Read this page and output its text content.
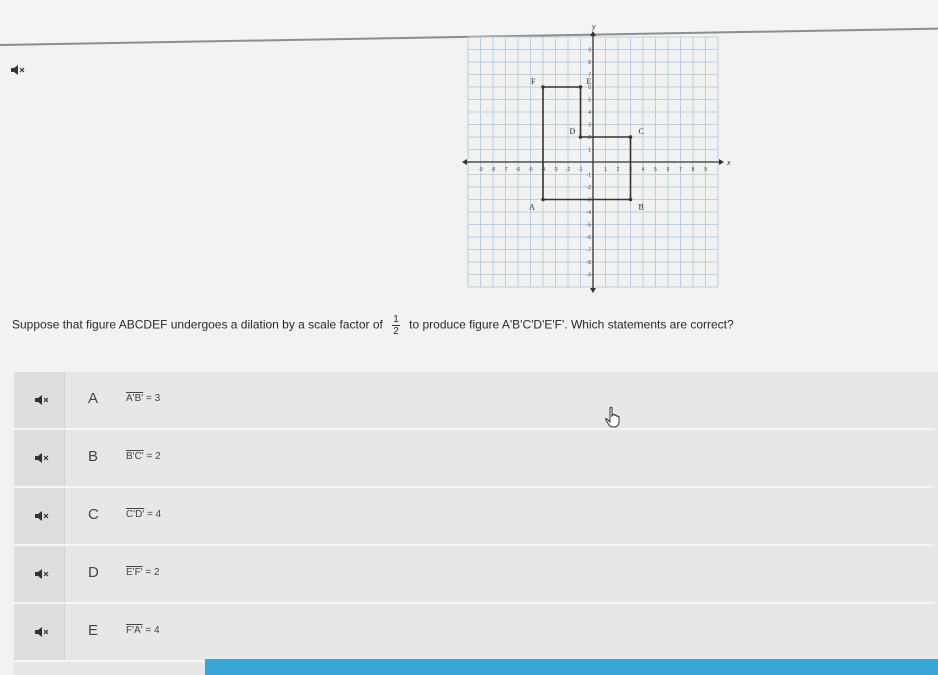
x
y
-9 -8 -7 -6 -5 -4 -3 -2 -1	1 2 3 4 5 6 7 8 9
9
8
7
6
5
4
3
2
1
-1
-2
-3
-4
-5
-6
-7
-8
-9
A	B
C
D
E
F
Suppose that figure ABCDEF undergoes a dilation by a scale factor of $\frac{1}{2}$ to produce figure A'B'C'D'E'F'. Which statements are correct?
A	A'B' = 3
B	B'C' = 2
C	C'D' = 4
D	E'F' = 2
E	F'A' = 4
